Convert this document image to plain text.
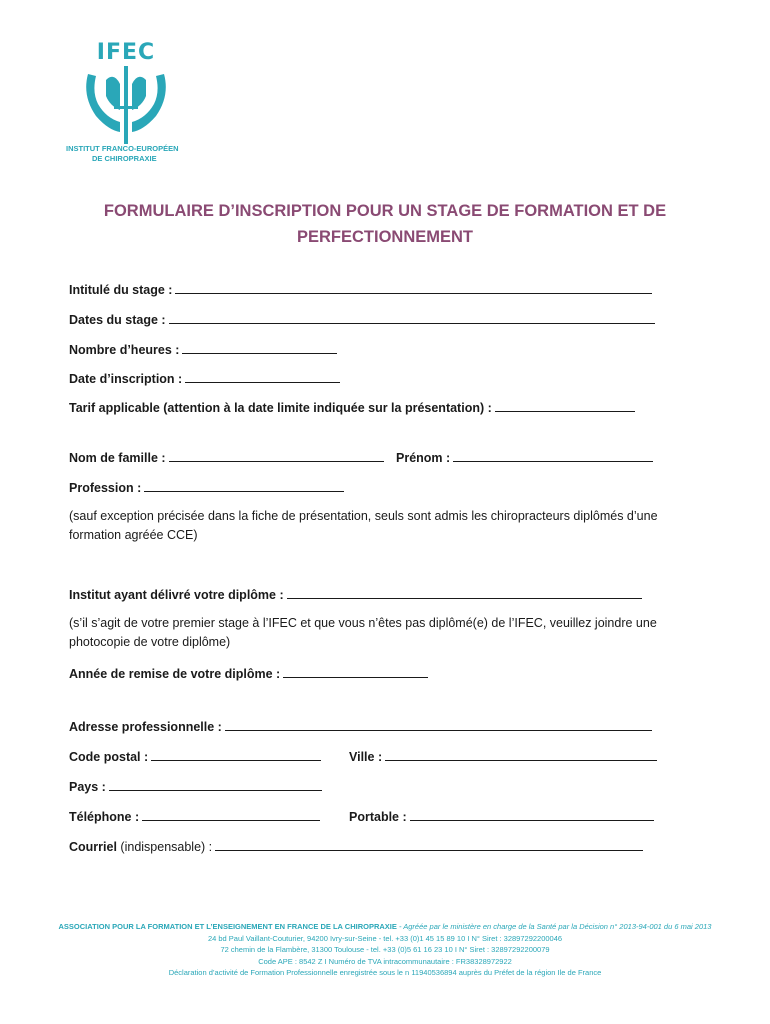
IFEC
INSTITUT FRANCO-EUROPÉEN
DE CHIROPRAXIE
FORMULAIRE D’INSCRIPTION POUR UN STAGE DE FORMATION ET DE PERFECTIONNEMENT
Intitulé du stage :
Dates du stage :
Nombre d’heures :
Date d’inscription :
Tarif applicable (attention à la date limite indiquée sur la présentation) :
Nom de famille :	Prénom :
Profession :
(sauf exception précisée dans la fiche de présentation, seuls sont admis les chiropracteurs diplômés d’une formation agréée CCE)
Institut ayant délivré votre diplôme :
(s’il s’agit de votre premier stage à l’IFEC et que vous n’êtes pas diplômé(e) de l’IFEC, veuillez joindre une photocopie de votre diplôme)
Année de remise de votre diplôme :
Adresse professionnelle :
Code postal :	Ville :
Pays :
Téléphone :	Portable :
Courriel (indispensable) :
ASSOCIATION POUR LA FORMATION ET L’ENSEIGNEMENT EN FRANCE DE LA CHIROPRAXIE - Agréée par le ministère en charge de la Santé par la Décision n° 2013-94-001 du 6 mai 2013
24 bd Paul Vaillant-Couturier, 94200 Ivry-sur-Seine - tel. +33 (0)1 45 15 89 10 I N° Siret : 32897292200046
72 chemin de la Flambère, 31300 Toulouse - tel. +33 (0)5 61 16 23 10 I N° Siret : 32897292200079
Code APE : 8542 Z I Numéro de TVA intracommunautaire : FR38328972922
Déclaration d’activité de Formation Professionnelle enregistrée sous le n 11940536894 auprès du Préfet de la région Ile de France
